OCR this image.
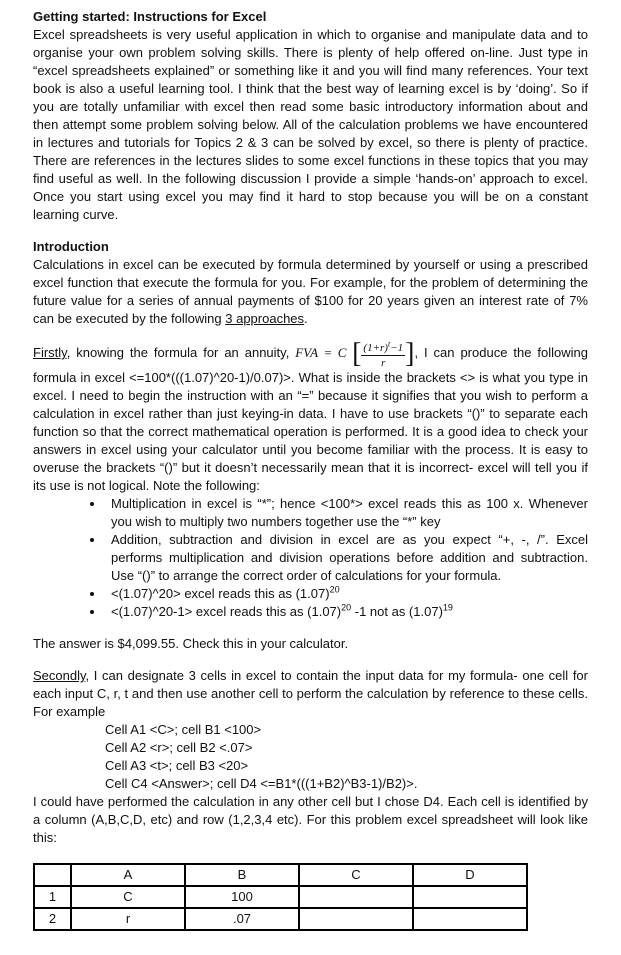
Getting started: Instructions for Excel

Excel spreadsheets is very useful application in which to organise and manipulate data and to organise your own problem solving skills. There is plenty of help offered on-line. Just type in “excel spreadsheets explained” or something like it and you will find many references. Your text book is also a useful learning tool. I think that the best way of learning excel is by ‘doing’. So if you are totally unfamiliar with excel then read some basic introductory information about and then attempt some problem solving below. All of the calculation problems we have encountered in lectures and tutorials for Topics 2 & 3 can be solved by excel, so there is plenty of practice. There are references in the lectures slides to some excel functions in these topics that you may find useful as well. In the following discussion I provide a simple ‘hands-on’ approach to excel. Once you start using excel you may find it hard to stop because you will be on a constant learning curve.

Introduction

Calculations in excel can be executed by formula determined by yourself or using a prescribed excel function that execute the formula for you. For example, for the problem of determining the future value for a series of annual payments of $100 for 20 years given an interest rate of 7% can be executed by the following 3 approaches.

Firstly, knowing the formula for an annuity, FVA = C [ $\frac{(1+r)^t-1}{r}$ ], I can produce the following formula in excel <=100*(((1.07)^20-1)/0.07)>. What is inside the brackets <> is what you type in excel. I need to begin the instruction with an “=” because it signifies that you wish to perform a calculation in excel rather than just keying-in data. I have to use brackets “()” to separate each function so that the correct mathematical operation is performed. It is a good idea to check your answers in excel using your calculator until you become familiar with the process. It is easy to overuse the brackets “()” but it doesn’t necessarily mean that it is incorrect- excel will tell you if its use is not logical. Note the following:

• Multiplication in excel is “*”; hence <100*> excel reads this as 100 x. Whenever you wish to multiply two numbers together use the “*” key
• Addition, subtraction and division in excel are as you expect “+, -, /”. Excel performs multiplication and division operations before addition and subtraction. Use “()” to arrange the correct order of calculations for your formula.
• <(1.07)^20> excel reads this as $(1.07)^{20}$
• <(1.07)^20-1> excel reads this as $(1.07)^{20}$ -1 not as $(1.07)^{19}$

The answer is $4,099.55. Check this in your calculator.

Secondly, I can designate 3 cells in excel to contain the input data for my formula- one cell for each input C, r, t and then use another cell to perform the calculation by reference to these cells. For example

Cell A1 <C>; cell B1 <100>
Cell A2 <r>; cell B2 <.07>
Cell A3 <t>; cell B3 <20>
Cell C4 <Answer>; cell D4 <=B1*(((1+B2)^B3-1)/B2)>.

I could have performed the calculation in any other cell but I chose D4. Each cell is identified by a column (A,B,C,D, etc) and row (1,2,3,4 etc). For this problem excel spreadsheet will look like this:

	A	B	C	D
1	C	100		
2	r	.07		
